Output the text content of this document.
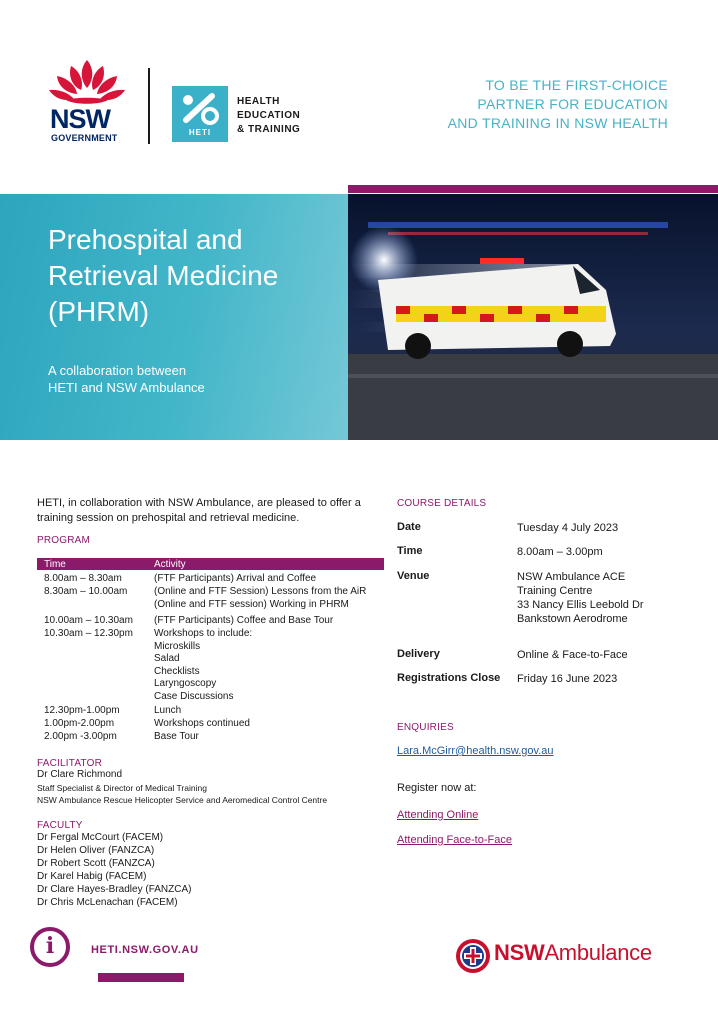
NSW
GOVERNMENT
HETI
HEALTH
EDUCATION
& TRAINING
TO BE THE FIRST-CHOICE
PARTNER FOR EDUCATION
AND TRAINING IN NSW HEALTH
Prehospital and
Retrieval Medicine
(PHRM)
A collaboration between
HETI and NSW Ambulance
HETI, in collaboration with NSW Ambulance, are pleased to offer a training session on prehospital and retrieval medicine.
PROGRAM
Time	Activity
8.00am – 8.30am	(FTF Participants) Arrival and Coffee
8.30am – 10.00am	(Online and FTF Session) Lessons from the AiR
(Online and FTF session) Working in PHRM
10.00am – 10.30am	(FTF Participants) Coffee and Base Tour
10.30am – 12.30pm	Workshops to include:
Microskills
Salad
Checklists
Laryngoscopy
Case Discussions
12.30pm-1.00pm	Lunch
1.00pm-2.00pm	Workshops continued
2.00pm -3.00pm	Base Tour
FACILITATOR
Dr Clare Richmond
Staff Specialist & Director of Medical Training
NSW Ambulance Rescue Helicopter Service and Aeromedical Control Centre
FACULTY
Dr Fergal McCourt (FACEM)
Dr Helen Oliver (FANZCA)
Dr Robert Scott (FANZCA)
Dr Karel Habig (FACEM)
Dr Clare Hayes-Bradley (FANZCA)
Dr Chris McLenachan (FACEM)
COURSE DETAILS
Date	Tuesday 4 July 2023
Time	8.00am – 3.00pm
Venue	NSW Ambulance ACE
Training Centre
33 Nancy Ellis Leebold Dr
Bankstown Aerodrome
Delivery	Online & Face-to-Face
Registrations Close Friday 16 June 2023
ENQUIRIES
Lara.McGirr@health.nsw.gov.au
Register now at:
Attending Online
Attending Face-to-Face
i	HETI.NSW.GOV.AU	NSWAmbulance
